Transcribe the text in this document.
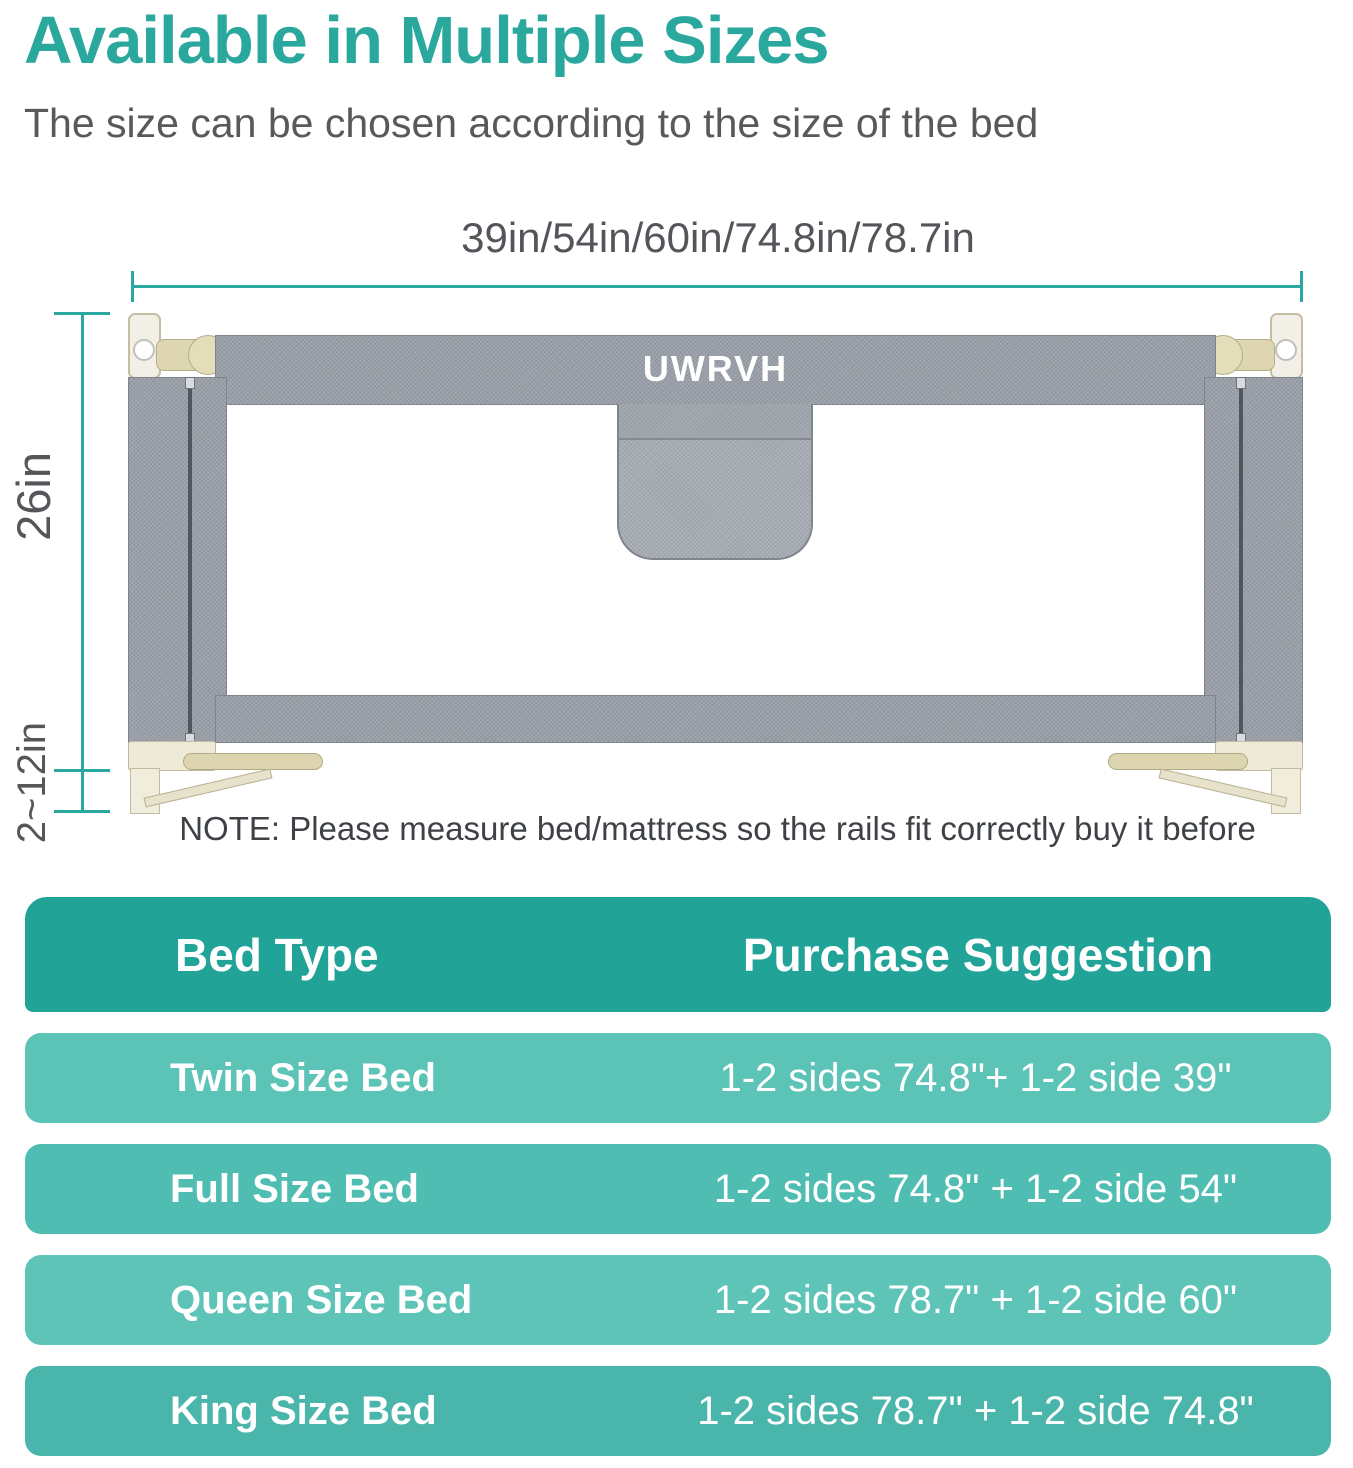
Available in Multiple Sizes
The size can be chosen according to the size of the bed
39in/54in/60in/74.8in/78.7in
26in
2~12in
UWRVH
NOTE: Please measure bed/mattress so the rails fit correctly buy it before
Bed Type	Purchase Suggestion
Twin Size Bed	1-2 sides 74.8"+ 1-2 side 39"
Full Size Bed	1-2 sides 74.8" + 1-2 side 54"
Queen Size Bed	1-2 sides 78.7" + 1-2 side 60"
King Size Bed	1-2 sides 78.7" + 1-2 side 74.8"
